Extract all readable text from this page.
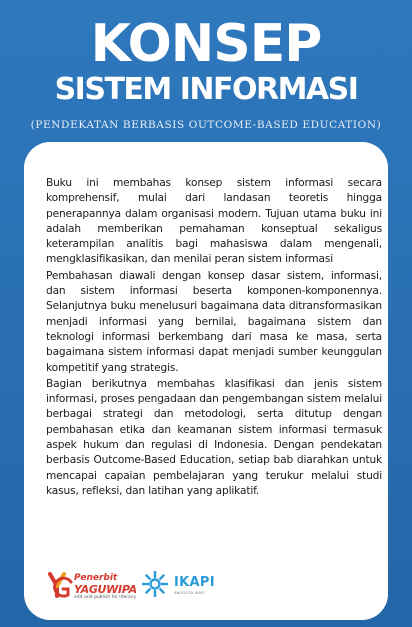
KONSEP
SISTEM INFORMASI
(PENDEKATAN BERBASIS OUTCOME-BASED EDUCATION)

Buku ini membahas konsep sistem informasi secara komprehensif, mulai dari landasan teoretis hingga penerapannya dalam organisasi modern. Tujuan utama buku ini adalah memberikan pemahaman konseptual sekaligus keterampilan analitis bagi mahasiswa dalam mengenali, mengklasifikasikan, dan menilai peran sistem informasi

Pembahasan diawali dengan konsep dasar sistem, informasi, dan sistem informasi beserta komponen-komponennya. Selanjutnya buku menelusuri bagaimana data ditransformasikan menjadi informasi yang bernilai, bagaimana sistem dan teknologi informasi berkembang dari masa ke masa, serta bagaimana sistem informasi dapat menjadi sumber keunggulan kompetitif yang strategis.

Bagian berikutnya membahas klasifikasi dan jenis sistem informasi, proses pengadaan dan pengembangan sistem melalui berbagai strategi dan metodologi, serta ditutup dengan pembahasan etika dan keamanan sistem informasi termasuk aspek hukum dan regulasi di Indonesia. Dengan pendekatan berbasis Outcome-Based Education, setiap bab diarahkan untuk mencapai capaian pembelajaran yang terukur melalui studi kasus, refleksi, dan latihan yang aplikatif.

Penerbit
YAGUWIPA
edit and publish for literacy
IKAPI
ANGGOTA IKAPI
